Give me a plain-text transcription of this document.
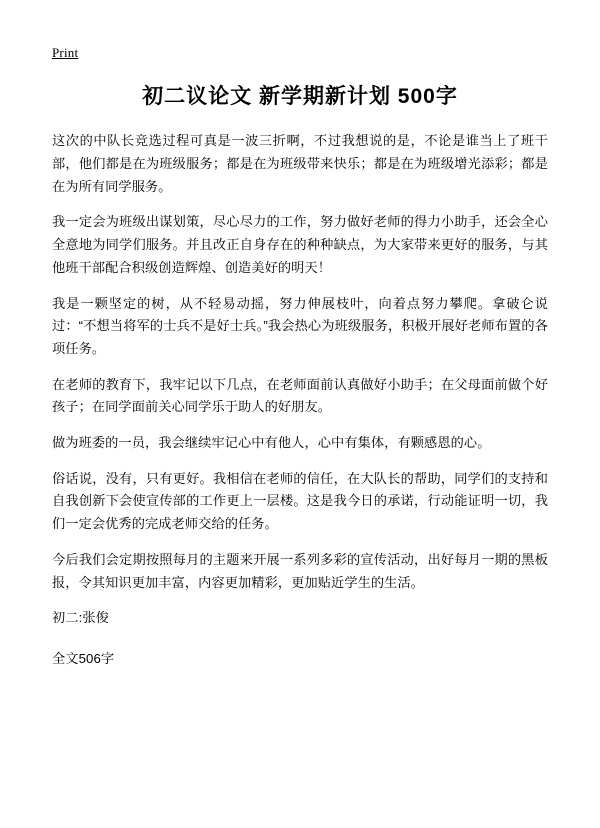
Print
初二议论文 新学期新计划 500字

这次的中队长竞选过程可真是一波三折啊，不过我想说的是，不论是谁当上了班干部，他们都是在为班级服务；都是在为班级带来快乐；都是在为班级增光添彩；都是在为所有同学服务。

我一定会为班级出谋划策，尽心尽力的工作，努力做好老师的得力小助手，还会全心全意地为同学们服务。并且改正自身存在的种种缺点，为大家带来更好的服务，与其他班干部配合积级创造辉煌、创造美好的明天！

我是一颗坚定的树，从不轻易动摇，努力伸展枝叶，向着点努力攀爬。拿破仑说过：“不想当将军的士兵不是好士兵。”我会热心为班级服务，积极开展好老师布置的各项任务。

在老师的教育下，我牢记以下几点，在老师面前认真做好小助手；在父母面前做个好孩子；在同学面前关心同学乐于助人的好朋友。

做为班委的一员，我会继续牢记心中有他人，心中有集体，有颗感恩的心。

俗话说，没有，只有更好。我相信在老师的信任，在大队长的帮助，同学们的支持和自我创新下会使宣传部的工作更上一层楼。这是我今日的承诺，行动能证明一切，我们一定会优秀的完成老师交给的任务。

今后我们会定期按照每月的主题来开展一系列多彩的宣传活动，出好每月一期的黑板报，令其知识更加丰富，内容更加精彩，更加贴近学生的生活。

初二:张俊

全文506字
